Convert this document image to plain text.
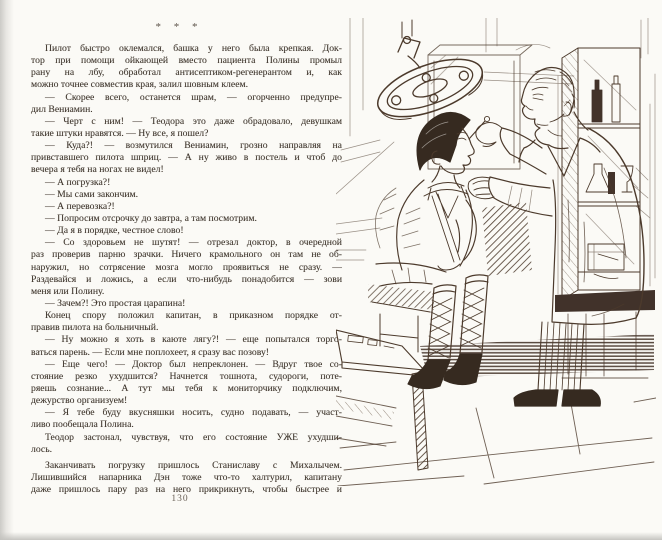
* * *
Пилот быстро оклемался, башка у него была крепкая. Док-
тор при помощи ойкающей вместо пациента Полины промыл
рану на лбу, обработал антисептиком-регенерантом и, как
можно точнее совместив края, залил шовным клеем.
— Скорее всего, останется шрам, — огорченно предупре-
дил Вениамин.
— Черт с ним! — Теодора это даже обрадовало, девушкам
такие штуки нравятся. — Ну все, я пошел?
— Куда?! — возмутился Вениамин, грозно направляя на
привставшего пилота шприц. — А ну живо в постель и чтоб до
вечера я тебя на ногах не видел!
— А погрузка?!
— Мы сами закончим.
— А перевозка?!
— Попросим отсрочку до завтра, а там посмотрим.
— Да я в порядке, честное слово!
— Со здоровьем не шутят! — отрезал доктор, в очередной
раз проверив парню зрачки. Ничего крамольного он там не об-
наружил, но сотрясение мозга могло проявиться не сразу. —
Раздевайся и ложись, а если что-нибудь понадобится — зови
меня или Полину.
— Зачем?! Это простая царапина!
Конец спору положил капитан, в приказном порядке от-
правив пилота на больничный.
— Ну можно я хоть в каюте лягу?! — еще попытался торго-
ваться парень. — Если мне поплохеет, я сразу вас позову!
— Еще чего! — Доктор был непреклонен. — Вдруг твое со-
стояние резко ухудшится? Начнется тошнота, судороги, поте-
ряешь сознание... А тут мы тебя к мониторчику подключим,
дежурство организуем!
— Я тебе буду вкусняшки носить, судно подавать, — участ-
ливо пообещала Полина.
Теодор застонал, чувствуя, что его состояние УЖЕ ухудши-
лось.
Заканчивать погрузку пришлось Станиславу с Михалычем.
Лишившийся напарника Дэн тоже что-то халтурил, капитану
даже пришлось пару раз на него прикрикнуть, чтобы быстрее и
130
